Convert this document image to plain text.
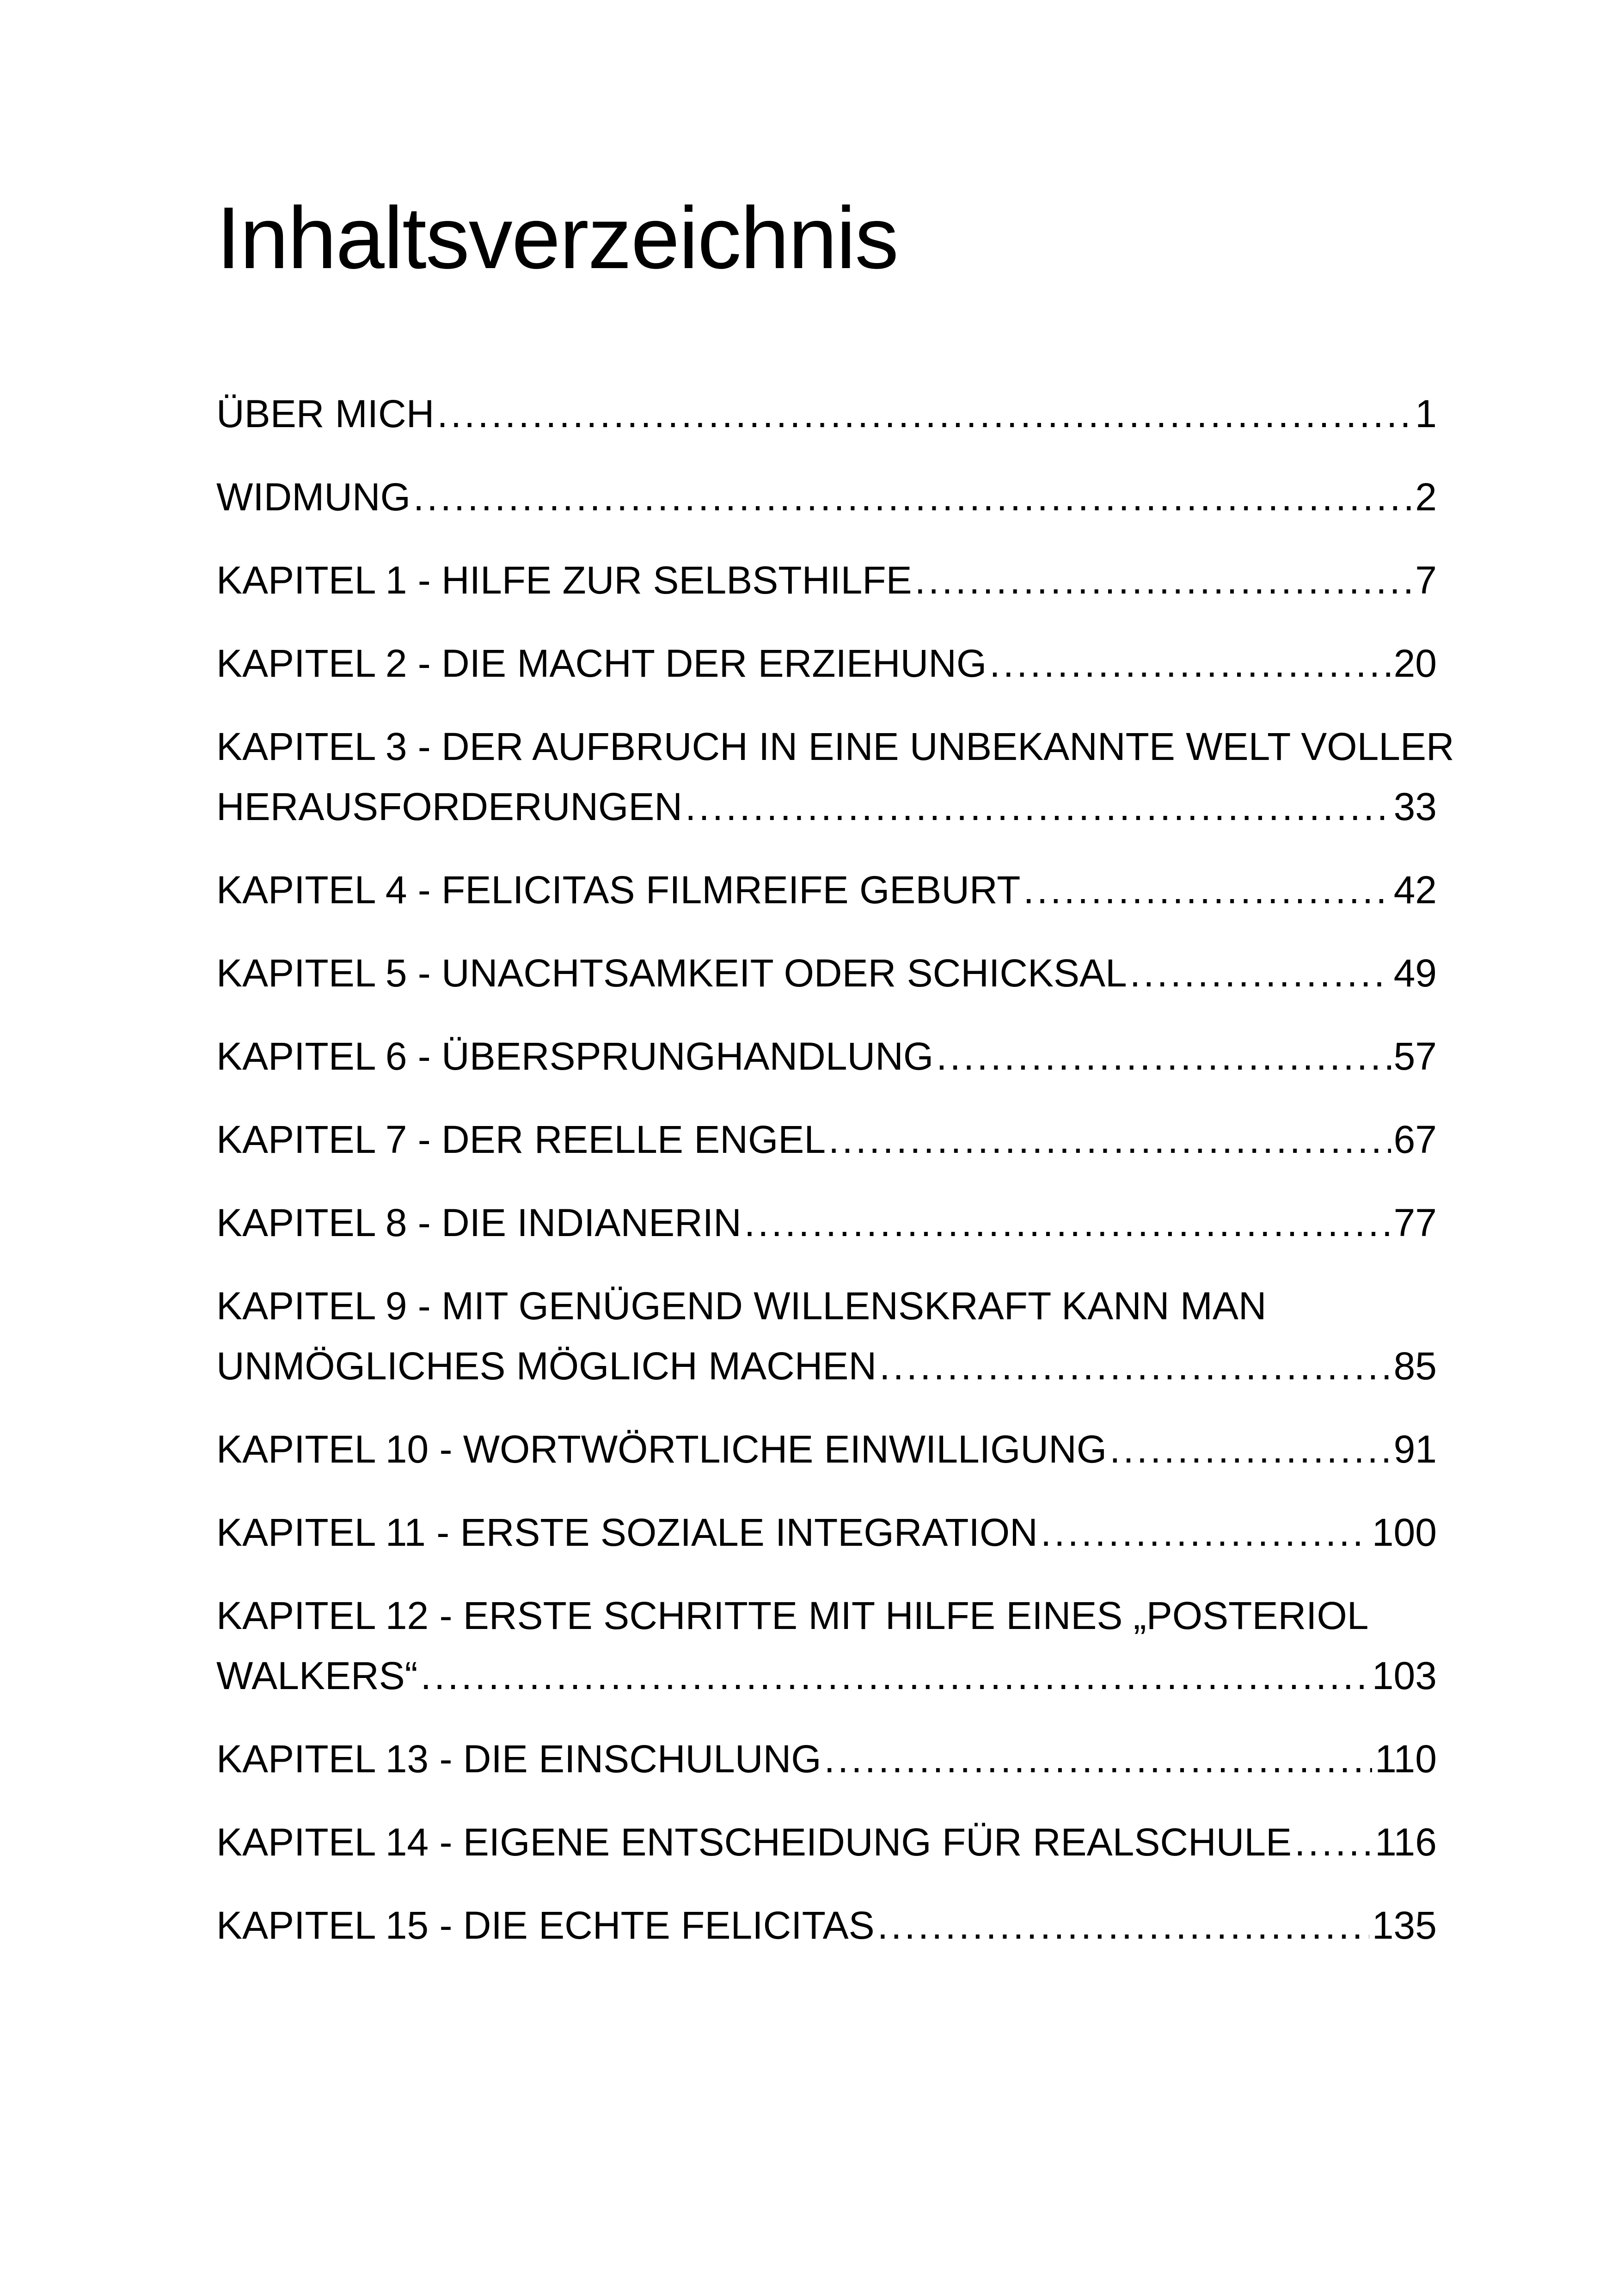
Inhaltsverzeichnis
ÜBER MICH .....	1
WIDMUNG .....	2
KAPITEL 1 - HILFE ZUR SELBSTHILFE .....	7
KAPITEL 2 - DIE MACHT DER ERZIEHUNG .....	20
KAPITEL 3 - DER AUFBRUCH IN EINE UNBEKANNTE WELT VOLLER
HERAUSFORDERUNGEN .....	33
KAPITEL 4 - FELICITAS FILMREIFE GEBURT .....	42
KAPITEL 5 - UNACHTSAMKEIT ODER SCHICKSAL .....	49
KAPITEL 6 - ÜBERSPRUNGHANDLUNG .....	57
KAPITEL 7 - DER REELLE ENGEL .....	67
KAPITEL 8 - DIE INDIANERIN .....	77
KAPITEL 9 - MIT GENÜGEND WILLENSKRAFT KANN MAN
UNMÖGLICHES MÖGLICH MACHEN .....	85
KAPITEL 10 - WORTWÖRTLICHE EINWILLIGUNG .....	91
KAPITEL 11 - ERSTE SOZIALE INTEGRATION .....	100
KAPITEL 12 - ERSTE SCHRITTE MIT HILFE EINES „POSTERIOL
WALKERS“ .....	103
KAPITEL 13 - DIE EINSCHULUNG .....	110
KAPITEL 14 - EIGENE ENTSCHEIDUNG FÜR REALSCHULE ..... 116
KAPITEL 15 - DIE ECHTE FELICITAS .....	135
